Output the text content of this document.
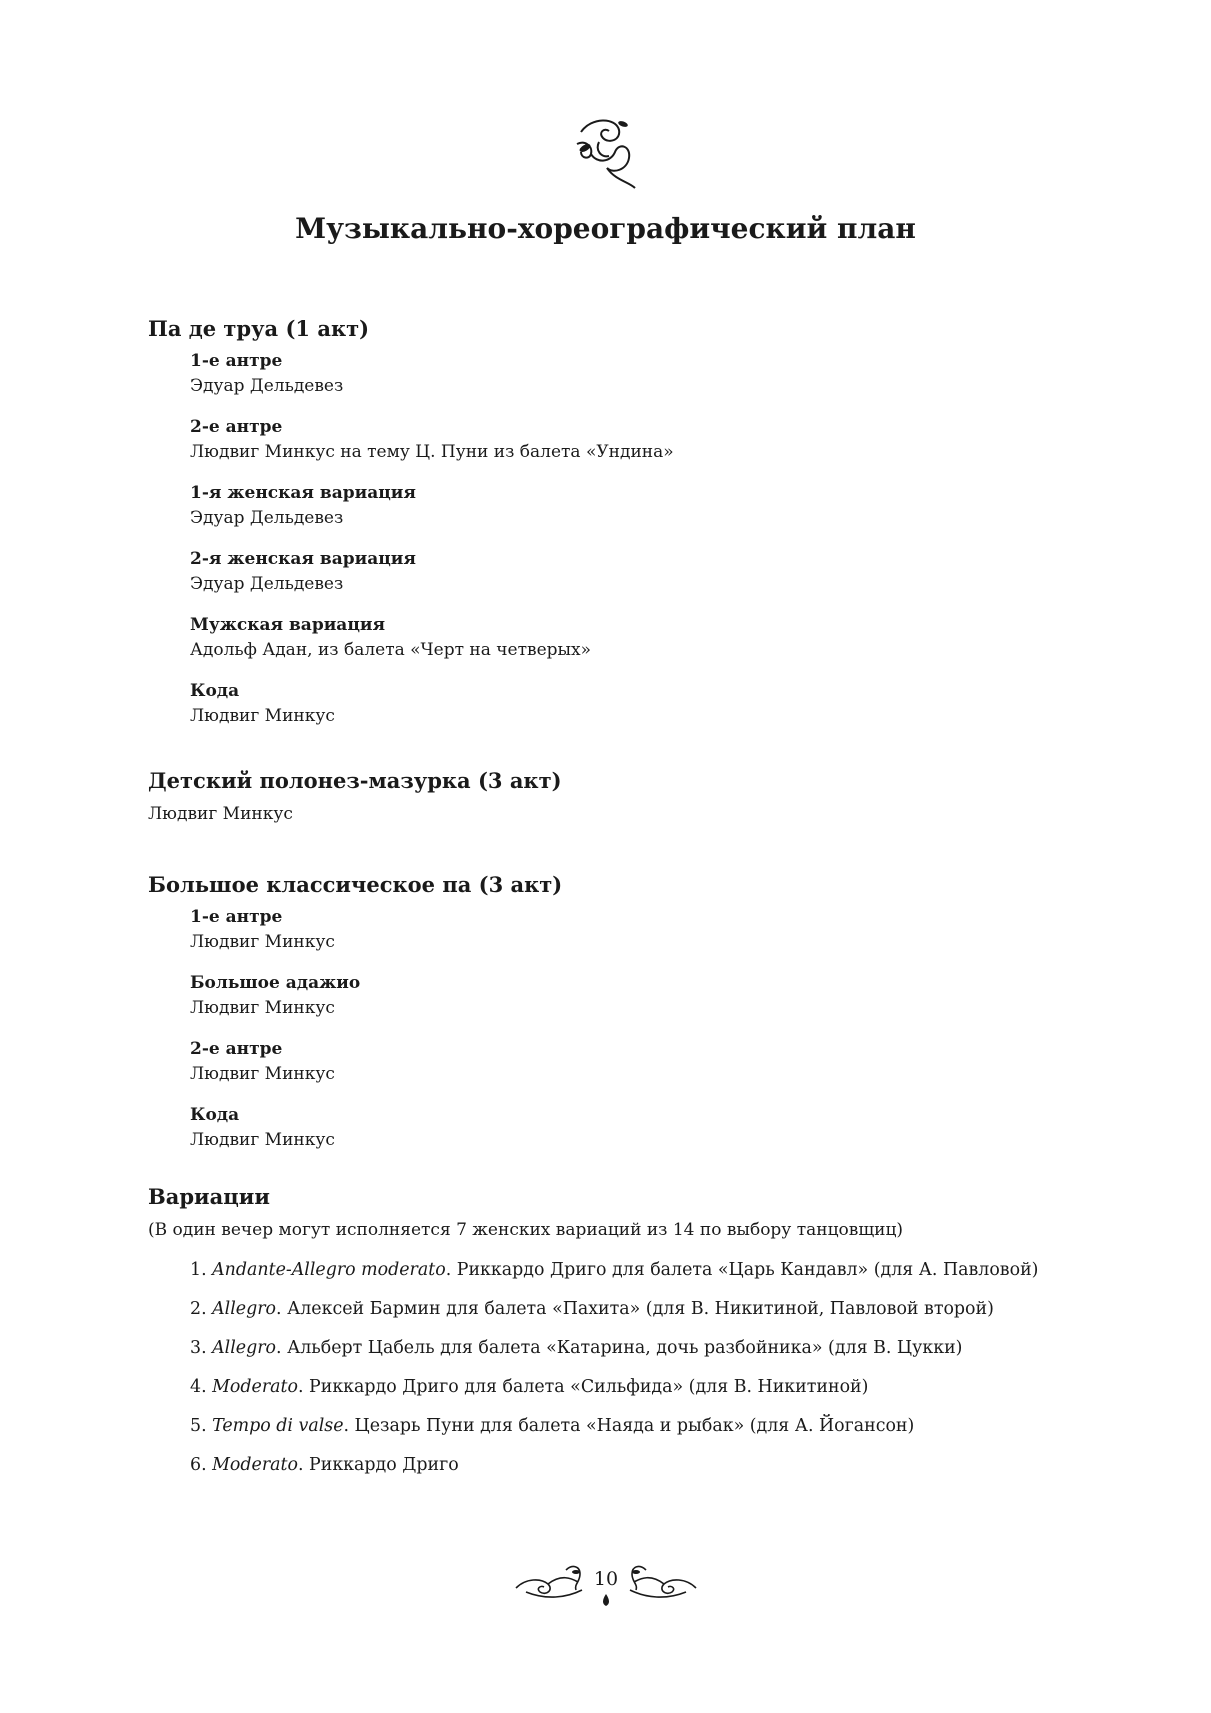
Музыкально-хореографический план
Па де труа (1 акт)
1-е антре
Эдуар Дельдевез
2-е антре
Людвиг Минкус на тему Ц. Пуни из балета «Ундина»
1-я женская вариация
Эдуар Дельдевез
2-я женская вариация
Эдуар Дельдевез
Мужская вариация
Адольф Адан, из балета «Черт на четверых»
Кода
Людвиг Минкус
Детский полонез-мазурка (3 акт)
Людвиг Минкус
Большое классическое па (3 акт)
1-е антре
Людвиг Минкус
Большое адажио
Людвиг Минкус
2-е антре
Людвиг Минкус
Кода
Людвиг Минкус
Вариации
(В один вечер могут исполняется 7 женских вариаций из 14 по выбору танцовщиц)
1. Andante-Allegro moderato. Риккардо Дриго для балета «Царь Кандавл» (для А. Павловой)
2. Allegro. Алексей Бармин для балета «Пахита» (для В. Никитиной, Павловой второй)
3. Allegro. Альберт Цабель для балета «Катарина, дочь разбойника» (для В. Цукки)
4. Moderato. Риккардо Дриго для балета «Сильфида» (для В. Никитиной)
5. Tempo di valse. Цезарь Пуни для балета «Наяда и рыбак» (для А. Йогансон)
6. Moderato. Риккардо Дриго
10
